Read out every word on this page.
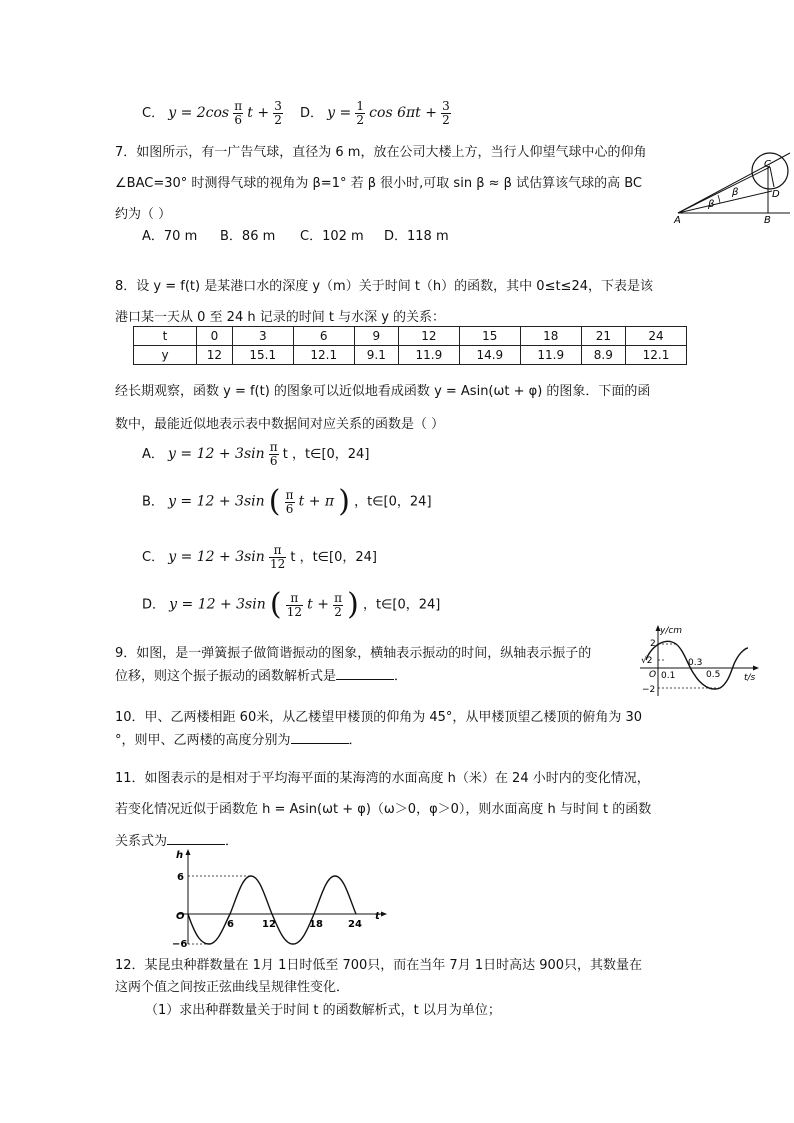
C． $y = 2\cos \frac{\pi}{6}$ $t + \frac{3}{2}$ D． $y = \frac{1}{2}$ $\cos 6\pi t + \frac{3}{2}$
7．如图所示，有一广告气球，直径为 6 m，放在公司大楼上方，当行人仰望气球中心的仰角
∠BAC=30° 时测得气球的视角为 β=1° 若 β 很小时,可取 sin β ≈ β 试估算该气球的高 BC
约为（ ）
A．70 m B．86 m C．102 m D．118 m
C
D
B
A
β
β
8．设 y = f(t) 是某港口水的深度 y（m）关于时间 t（h）的函数，其中 0≤t≤24，下表是该
港口某一天从 0 至 24 h 记录的时间 t 与水深 y 的关系：
t	0	3	6	9	12	15	18	21	24
y	12	15.1	12.1	9.1	11.9	14.9	11.9	8.9	12.1
经长期观察，函数 y = f(t) 的图象可以近似地看成函数 y = Asin(ωt + φ) 的图象．下面的函
数中，最能近似地表示表中数据间对应关系的函数是（ ）
A． $y = 12 + 3\sin \frac{\pi}{6}$ t ，t∈[0，24]
B． y = 12 + 3sin ( $\frac{\pi}{6}$ t + π ) ，t∈[0，24]
C． $y = 12 + 3\sin \frac{\pi}{12}$ t ，t∈[0，24]
D． y = 12 + 3sin ( $\frac{\pi}{12}$ $t + \frac{\pi}{2}$ ) ，t∈[0，24]
9．如图，是一弹簧振子做简谐振动的图象，横轴表示振动的时间，纵轴表示振子的
位移，则这个振子振动的函数解析式是	．
y/cm
2
√2
O
−2
0.1
0.3
0.5	t/s
10．甲、乙两楼相距 60米，从乙楼望甲楼顶的仰角为 45°，从甲楼顶望乙楼顶的俯角为 30
°，则甲、乙两楼的高度分别为	．
11．如图表示的是相对于平均海平面的某海湾的水面高度 h（米）在 24 小时内的变化情况，
若变化情况近似于函数危 h = Asin(ωt + φ)（ω＞0，φ＞0），则水面高度 h 与时间 t 的函数
关系式为	．
h
6
O
−6
6	12	18	24
t
12．某昆虫种群数量在 1月 1日时低至 700只，而在当年 7月 1日时高达 900只，其数量在
这两个值之间按正弦曲线呈规律性变化．
（1）求出种群数量关于时间 t 的函数解析式，t 以月为单位；
